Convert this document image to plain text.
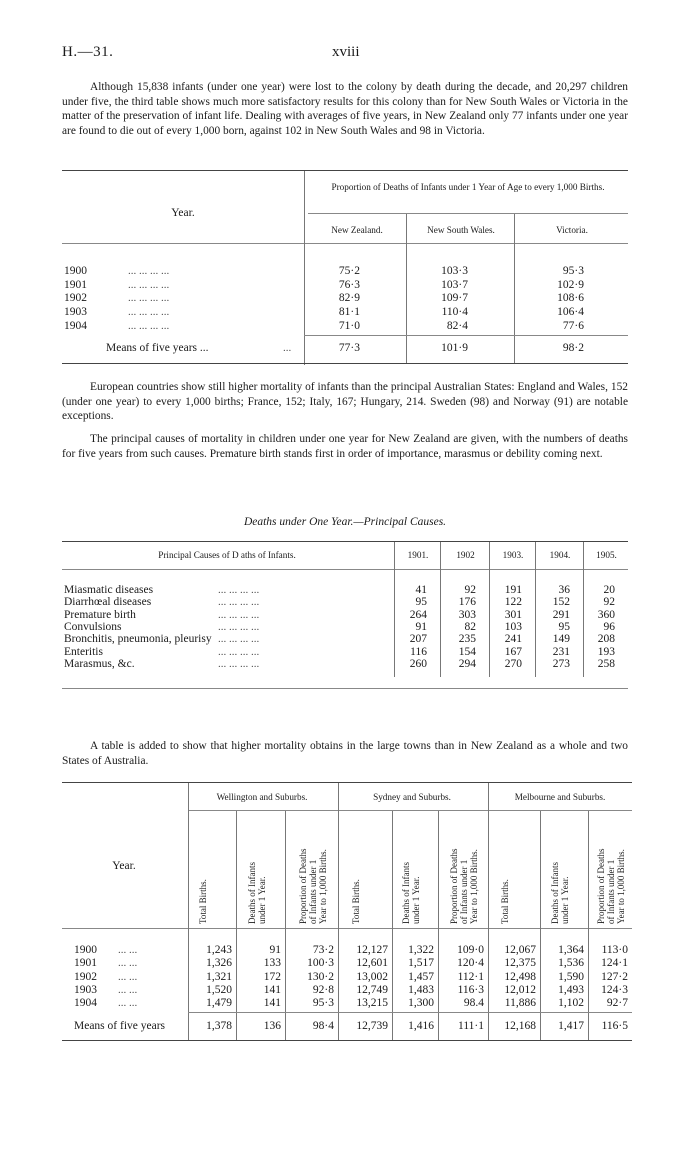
H.—31.	xviii
Although 15,838 infants (under one year) were lost to the colony by death during the decade, and 20,297 children under five, the third table shows much more satisfactory results for this colony than for New South Wales or Victoria in the matter of the preservation of infant life. Dealing with averages of five years, in New Zealand only 77 infants under one year are found to die out of every 1,000 born, against 102 in New South Wales and 98 in Victoria.
Year.
Proportion of Deaths of Infants under 1 Year of Age to every 1,000 Births.
New Zealand.	New South Wales.	Victoria.
1900	... ... ... ...	75·2	103·3	95·3
1901	... ... ... ...	76·3	103·7	102·9
1902	... ... ... ...	82·9	109·7	108·6
1903	... ... ... ...	81·1	110·4	106·4
1904	... ... ... ...	71·0	82·4	77·6
Means of five years ...	...	77·3	101·9	98·2
European countries show still higher mortality of infants than the principal Australian States: England and Wales, 152 (under one year) to every 1,000 births; France, 152; Italy, 167; Hungary, 214. Sweden (98) and Norway (91) are notable exceptions.
The principal causes of mortality in children under one year for New Zealand are given, with the numbers of deaths for five years from such causes. Premature birth stands first in order of importance, marasmus or debility coming next.
Deaths under One Year.—Principal Causes.
Principal Causes of D aths of Infants.	1901.	1902	1903.	1904.	1905.
Miasmatic diseases	... ... ... ...	41	92	191	36	20
Diarrhœal diseases	... ... ... ...	95	176	122	152	92
Premature birth	... ... ... ...	264	303	301	291	360
Convulsions	... ... ... ...	91	82	103	95	96
Bronchitis, pneumonia, pleurisy ... ... ... ...	207	235	241	149	208
Enteritis	... ... ... ...	116	154	167	231	193
Marasmus, &c.	... ... ... ...	260	294	270	273	258
A table is added to show that higher mortality obtains in the large towns than in New Zealand as a whole and two States of Australia.
Year.
Wellington and Suburbs.	Sydney and Suburbs.	Melbourne and Suburbs.
Total Births.	Deaths of Infants
under 1 Year.	Proportion of Deaths
of Infants under 1
Year to 1,000 Births.
Total Births.	Deaths of Infants
under 1 Year.	Proportion of Deaths
of Infants under 1
Year to 1,000 Births.
Total Births.	Deaths of Infants
under 1 Year.	Proportion of Deaths
of Infants under 1
Year to 1,000 Births.
1900 ... ...	1,243	91	73·2	12,127	1,322	109·0	12,067	1,364	113·0
1901 ... ...	1,326	133	100·3	12,601	1,517	120·4	12,375	1,536	124·1
1902 ... ...	1,321	172	130·2	13,002	1,457	112·1	12,498	1,590	127·2
1903 ... ...	1,520	141	92·8	12,749	1,483	116·3	12,012	1,493	124·3
1904 ... ...	1,479	141	95·3	13,215	1,300	98.4	11,886	1,102	92·7
Means of five years	1,378	136	98·4	12,739	1,416	111·1	12,168	1,417	116·5
